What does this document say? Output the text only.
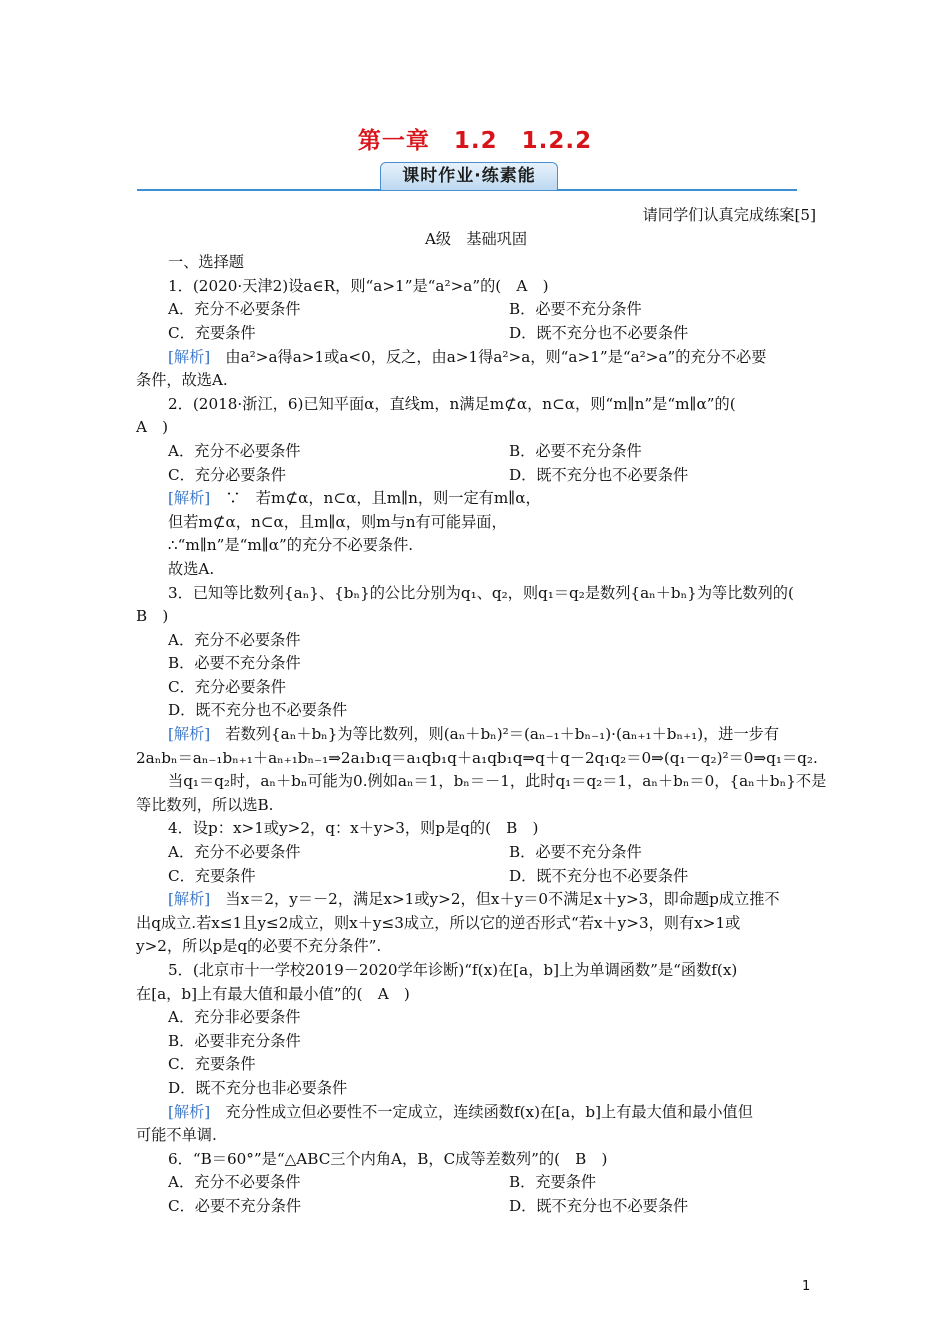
第一章　1.2　1.2.2
课时作业·练素能
请同学们认真完成练案[5]
A级　基础巩固
一、选择题
1．(2020·天津2)设a∈R，则“a>1”是“a²>a”的(　A　)
A．充分不必要条件	B．必要不充分条件
C．充要条件	D．既不充分也不必要条件
[解析]　由a²>a得a>1或a<0，反之，由a>1得a²>a，则“a>1”是“a²>a”的充分不必要
条件，故选A.
2．(2018·浙江，6)已知平面α，直线m，n满足m⊄α，n⊂α，则“m∥n”是“m∥α”的(
A　)
A．充分不必要条件	B．必要不充分条件
C．充分必要条件	D．既不充分也不必要条件
[解析]　∵　若m⊄α，n⊂α，且m∥n，则一定有m∥α，
但若m⊄α，n⊂α，且m∥α，则m与n有可能异面，
∴“m∥n”是“m∥α”的充分不必要条件.
故选A.
3．已知等比数列{aₙ}、{bₙ}的公比分别为q₁、q₂，则q₁＝q₂是数列{aₙ＋bₙ}为等比数列的(
B　)
A．充分不必要条件
B．必要不充分条件
C．充分必要条件
D．既不充分也不必要条件
[解析]　若数列{aₙ＋bₙ}为等比数列，则(aₙ＋bₙ)²＝(aₙ₋₁＋bₙ₋₁)·(aₙ₊₁＋bₙ₊₁)，进一步有
2aₙbₙ＝aₙ₋₁bₙ₊₁＋aₙ₊₁bₙ₋₁⇒2a₁b₁q＝a₁qb₁q＋a₁qb₁q⇒q＋q－2q₁q₂＝0⇒(q₁－q₂)²＝0⇒q₁＝q₂.
当q₁＝q₂时，aₙ＋bₙ可能为0.例如aₙ＝1，bₙ＝－1，此时q₁＝q₂＝1，aₙ＋bₙ＝0，{aₙ＋bₙ}不是
等比数列，所以选B.
4．设p：x>1或y>2，q：x＋y>3，则p是q的(　B　)
A．充分不必要条件	B．必要不充分条件
C．充要条件	D．既不充分也不必要条件
[解析]　当x＝2，y＝－2，满足x>1或y>2，但x＋y＝0不满足x＋y>3，即命题p成立推不
出q成立.若x≤1且y≤2成立，则x＋y≤3成立，所以它的逆否形式“若x＋y>3，则有x>1或
y>2，所以p是q的必要不充分条件”.
5．(北京市十一学校2019－2020学年诊断)“f(x)在[a，b]上为单调函数”是“函数f(x)
在[a，b]上有最大值和最小值”的(　A　)
A．充分非必要条件
B．必要非充分条件
C．充要条件
D．既不充分也非必要条件
[解析]　充分性成立但必要性不一定成立，连续函数f(x)在[a，b]上有最大值和最小值但
可能不单调.
6．“B＝60°”是“△ABC三个内角A，B，C成等差数列”的(　B　)
A．充分不必要条件	B．充要条件
C．必要不充分条件	D．既不充分也不必要条件
1
